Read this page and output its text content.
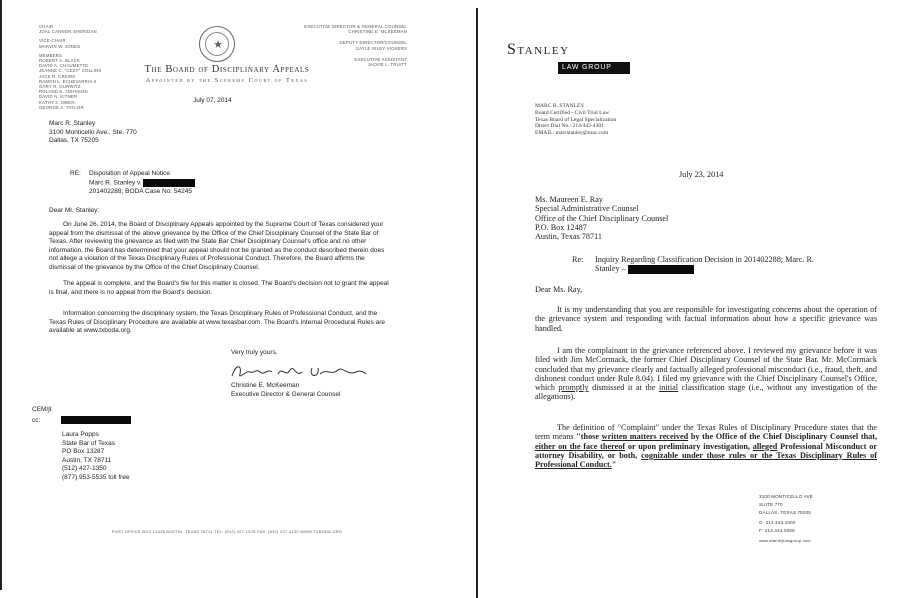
CHAIR
JOAL CANNON SHERIDAN
VICE-CHAIR
MARVIN W. JONES
MEMBERS
ROBERT A. BLACK
DAVID A. CHAUMETTE
JEANNE C. "CEZY" COLLINS
JACK R. CREWS
RAMON L. ECHEVARRIA II
GARY R. GURWITZ
ROLAND K. JOHNSON
DAVID N. KITNER
KATHY J. OWEN
GEORGE A. TAYLOR
★
EXECUTIVE DIRECTOR & GENERAL COUNSEL
CHRISTINE E. MCKEEMAN
DEPUTY DIRECTOR/COUNSEL
GAYLE RILEY VICKERS
EXECUTIVE ASSISTANT
JACKIE L. TRUITT
The Board of Disciplinary Appeals
Appointed by the Supreme Court of Texas
July 07, 2014
Marc R. Stanley
3100 Monticello Ave., Ste. 770
Dallas, TX 75205
RE: Disposition of Appeal Notice
Marc R. Stanley v.
201402288; BODA Case No. 54245
Dear Mr. Stanley:
On June 26, 2014, the Board of Disciplinary Appeals appointed by the Supreme Court of Texas considered your appeal from the dismissal of the above grievance by the Office of the Chief Disciplinary Counsel of the State Bar of Texas. After reviewing the grievance as filed with the State Bar Chief Disciplinary Counsel's office and no other information, the Board has determined that your appeal should not be granted as the conduct described therein does not allege a violation of the Texas Disciplinary Rules of Professional Conduct. Therefore, the Board affirms the dismissal of the grievance by the Office of the Chief Disciplinary Counsel.
The appeal is complete, and the Board's file for this matter is closed. The Board's decision not to grant the appeal is final, and there is no appeal from the Board's decision.
Information concerning the disciplinary system, the Texas Disciplinary Rules of Professional Conduct, and the Texas Rules of Disciplinary Procedure are available at www.texasbar.com. The Board's Internal Procedural Rules are available at www.txboda.org.
Very truly yours,
Christine E. McKeeman
Executive Director & General Counsel
CEM/jt
cc:
Laura Popps
State Bar of Texas
PO Box 13287
Austin, TX 78711
(512) 427-1350
(877) 953-5535 toll free
POST OFFICE BOX 12426 AUSTIN, TEXAS 78711 TEL: (512) 427-1578 FAX: (512) 427-4130 WWW.TXBODA.ORG
Stanley
LAW GROUP
MARC R. STANLEY
Board Certified - Civil Trial Law
Texas Board of Legal Specialization
Direct Dial No.: 214/443-4301
EMAIL: marcstanley@mac.com
July 23, 2014
Ms. Maureen E. Ray
Special Administrative Counsel
Office of the Chief Disciplinary Counsel
P.O. Box 12487
Austin, Texas 78711
Re: Inquiry Regarding Classification Decision in 201402288; Marc. R.
Stanley –
Dear Ms. Ray,
It is my understanding that you are responsible for investigating concerns about the operation of the grievance system and responding with factual information about how a specific grievance was handled.
I am the complainant in the grievance referenced above. I reviewed my grievance before it was filed with Jim McCormack, the former Chief Disciplinary Counsel of the State Bar. Mr. McCormack concluded that my grievance clearly and factually alleged professional misconduct (i.e., fraud, theft, and dishonest conduct under Rule 8.04). I filed my grievance with the Chief Disciplinary Counsel's Office, which promptly dismissed it at the initial classification stage (i.e., without any investigation of the allegations).
The definition of "Complaint" under the Texas Rules of Disciplinary Procedure states that the term means "those written matters received by the Office of the Chief Disciplinary Counsel that, either on the face thereof or upon preliminary investigation, alleged Professional Misconduct or attorney Disability, or both, cognizable under those rules or the Texas Disciplinary Rules of Professional Conduct."
3100 MONTICELLO AVE
SUITE 770
DALLAS, TEXAS 75205
O 214.443.4300
F 214.443.0358
www.stanleylawgroup.com
